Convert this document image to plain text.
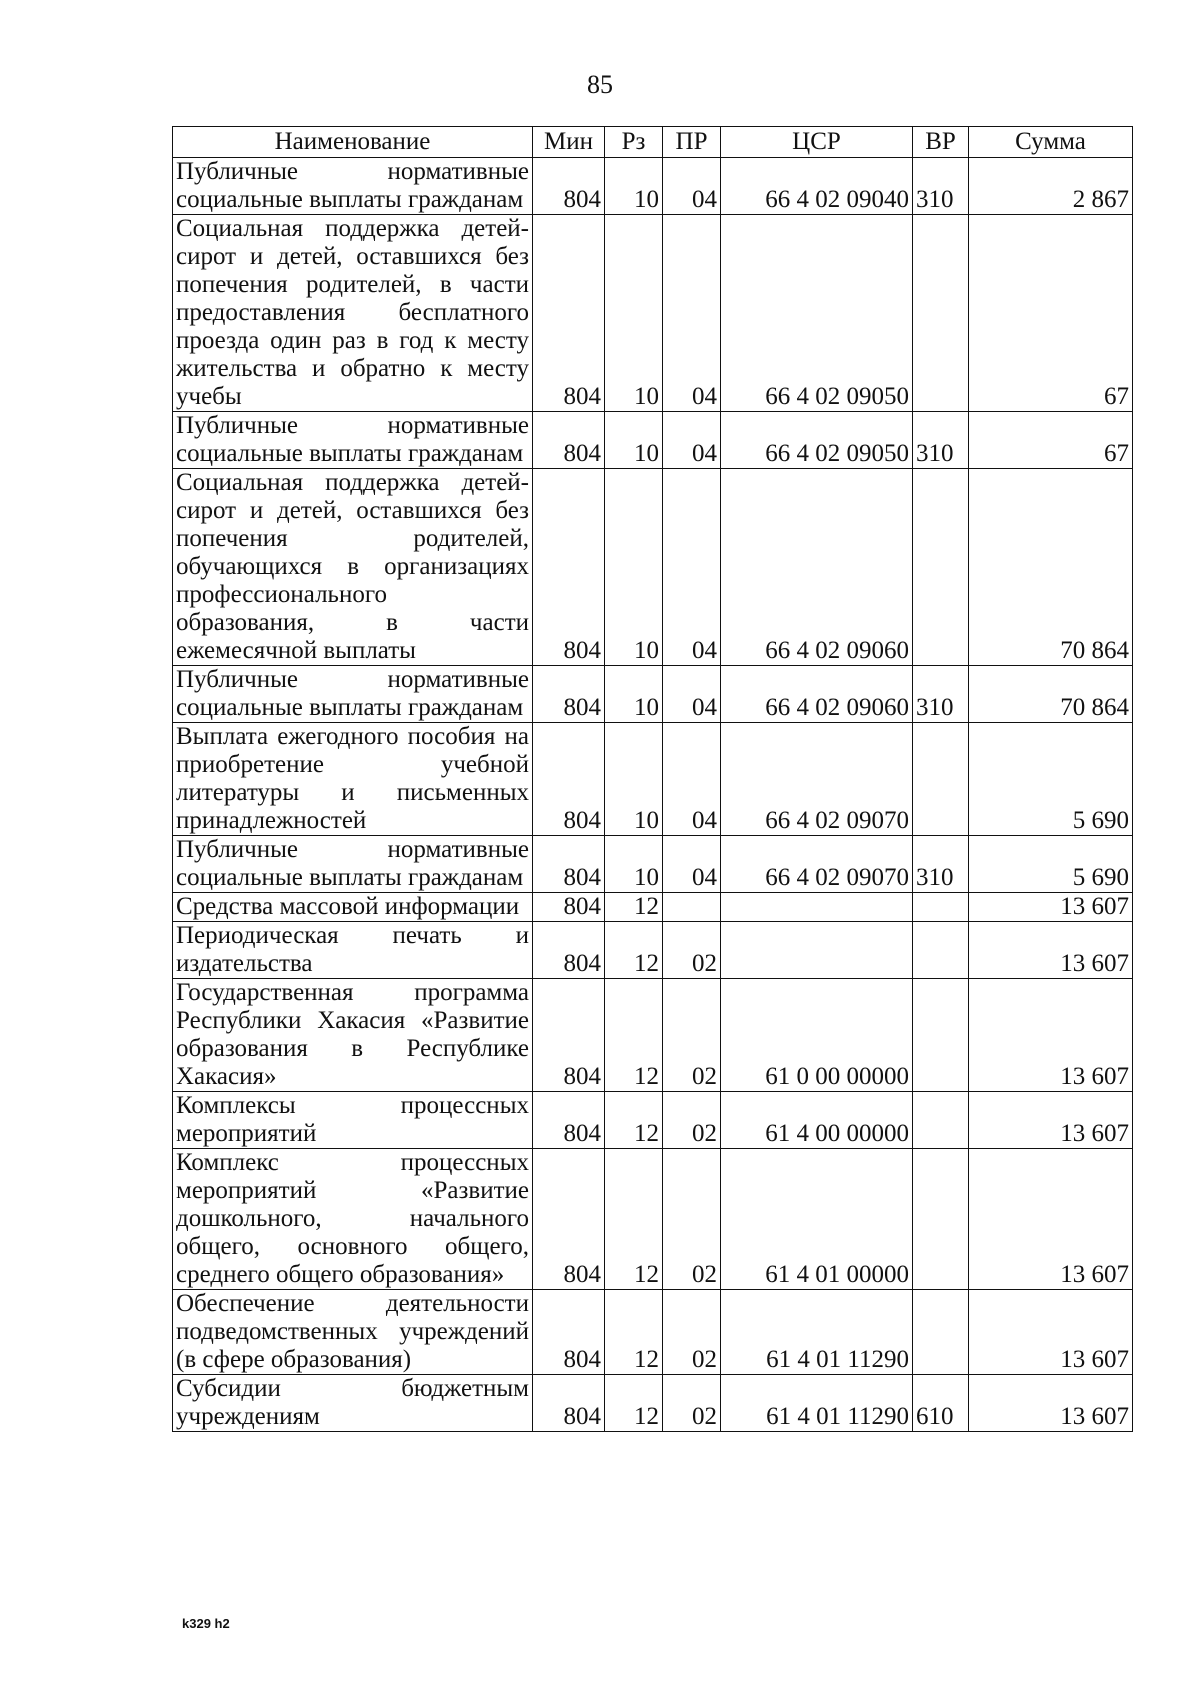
85
Наименование	Мин	Рз	ПР	ЦСР	ВР	Сумма
Публичные нормативные социальные выплаты гражданам	804	10	04	66 4 02 09040	310	2 867
Социальная поддержка детей-сирот и детей, оставшихся без попечения родителей, в части предоставления бесплатного проезда один раз в год к месту жительства и обратно к месту учебы	804	10	04	66 4 02 09050		67
Публичные нормативные социальные выплаты гражданам	804	10	04	66 4 02 09050	310	67
Социальная поддержка детей-сирот и детей, оставшихся без попечения родителей, обучающихся в организациях профессионального образования, в части ежемесячной выплаты	804	10	04	66 4 02 09060		70 864
Публичные нормативные социальные выплаты гражданам	804	10	04	66 4 02 09060	310	70 864
Выплата ежегодного пособия на приобретение учебной литературы и письменных принадлежностей	804	10	04	66 4 02 09070		5 690
Публичные нормативные социальные выплаты гражданам	804	10	04	66 4 02 09070	310	5 690
Средства массовой информации	804	12				13 607
Периодическая печать и издательства	804	12	02			13 607
Государственная программа Республики Хакасия «Развитие образования в Республике Хакасия»	804	12	02	61 0 00 00000		13 607
Комплексы процессных мероприятий	804	12	02	61 4 00 00000		13 607
Комплекс процессных мероприятий «Развитие дошкольного, начального общего, основного общего, среднего общего образования»	804	12	02	61 4 01 00000		13 607
Обеспечение деятельности подведомственных учреждений (в сфере образования)	804	12	02	61 4 01 11290		13 607
Субсидии бюджетным учреждениям	804	12	02	61 4 01 11290	610	13 607
k329 h2
